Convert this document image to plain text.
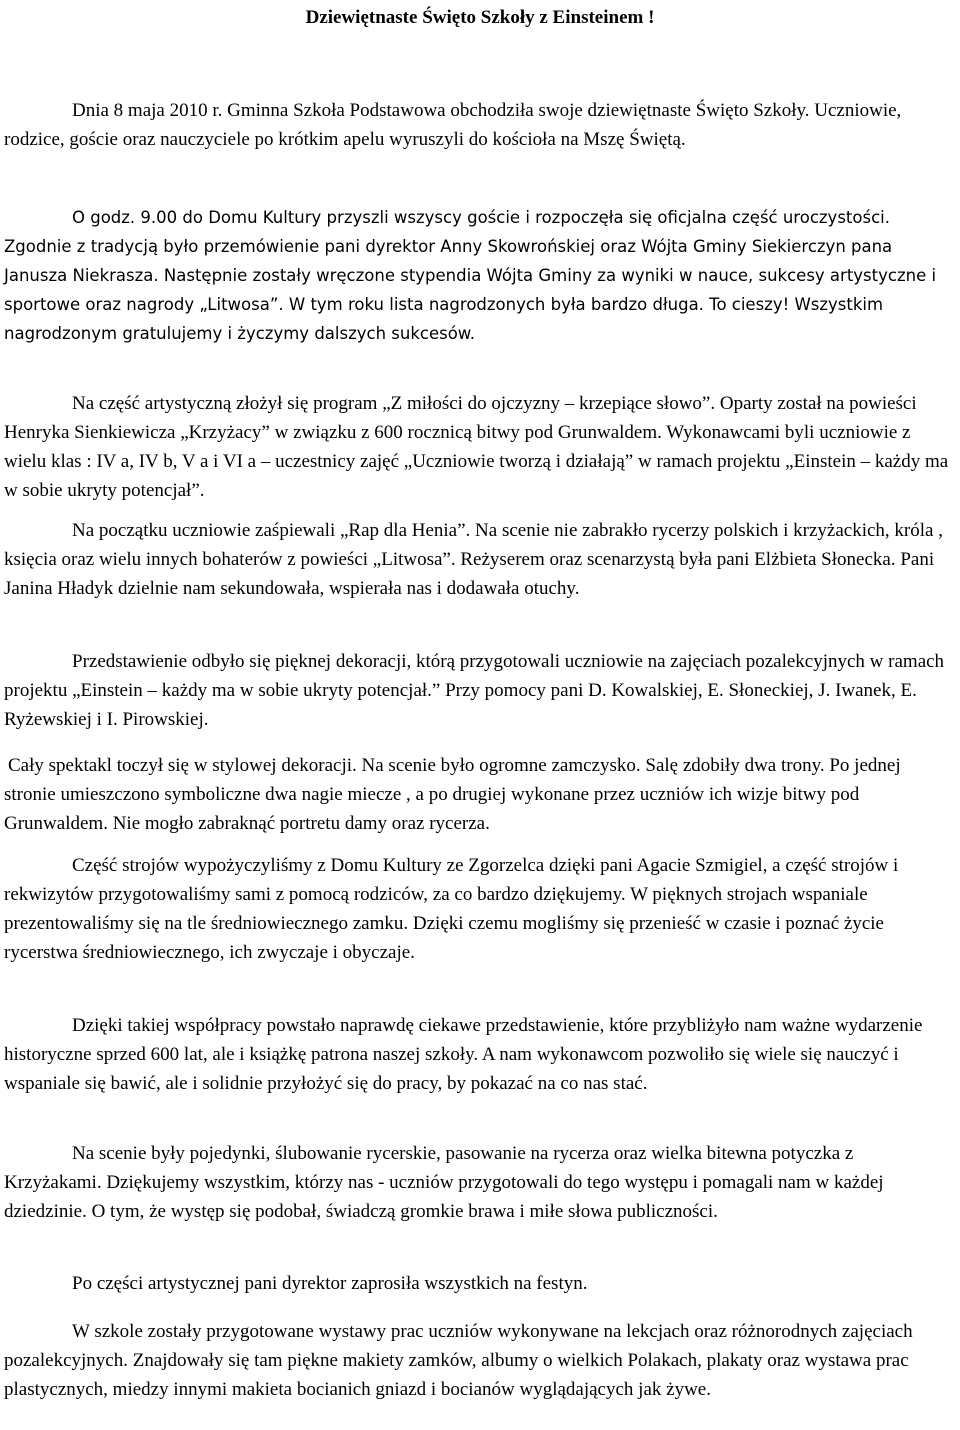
Dziewiętnaste Święto Szkoły z Einsteinem !

Dnia 8 maja 2010 r. Gminna Szkoła Podstawowa obchodziła swoje dziewiętnaste Święto Szkoły. Uczniowie, rodzice, goście oraz nauczyciele po krótkim apelu wyruszyli do kościoła na Mszę Świętą.

O godz. 9.00 do Domu Kultury przyszli wszyscy goście i rozpoczęła się oficjalna część uroczystości. Zgodnie z tradycją było przemówienie pani dyrektor Anny Skowrońskiej oraz Wójta Gminy Siekierczyn pana Janusza Niekrasza. Następnie zostały wręczone stypendia Wójta Gminy za wyniki w nauce, sukcesy artystyczne i sportowe oraz nagrody „Litwosa”. W tym roku lista nagrodzonych była bardzo długa. To cieszy! Wszystkim nagrodzonym gratulujemy i życzymy dalszych sukcesów.

Na część artystyczną złożył się program „Z miłości do ojczyzny – krzepiące słowo”. Oparty został na powieści Henryka Sienkiewicza „Krzyżacy” w związku z 600 rocznicą bitwy pod Grunwaldem. Wykonawcami byli uczniowie z wielu klas : IV a, IV b, V a i VI a – uczestnicy zajęć „Uczniowie tworzą i działają” w ramach projektu „Einstein – każdy ma w sobie ukryty potencjał”.

Na początku uczniowie zaśpiewali „Rap dla Henia”. Na scenie nie zabrakło rycerzy polskich i krzyżackich, króla , księcia oraz wielu innych bohaterów z powieści „Litwosa”. Reżyserem oraz scenarzystą była pani Elżbieta Słonecka. Pani Janina Hładyk dzielnie nam sekundowała, wspierała nas i dodawała otuchy.

Przedstawienie odbyło się pięknej dekoracji, którą przygotowali uczniowie na zajęciach pozalekcyjnych w ramach projektu „Einstein – każdy ma w sobie ukryty potencjał.” Przy pomocy pani D. Kowalskiej, E. Słoneckiej, J. Iwanek, E. Ryżewskiej i I. Pirowskiej.

Cały spektakl toczył się w stylowej dekoracji. Na scenie było ogromne zamczysko. Salę zdobiły dwa trony. Po jednej stronie umieszczono symboliczne dwa nagie miecze , a po drugiej wykonane przez uczniów ich wizje bitwy pod Grunwaldem. Nie mogło zabraknąć portretu damy oraz rycerza.

Część strojów wypożyczyliśmy z Domu Kultury ze Zgorzelca dzięki pani Agacie Szmigiel, a część strojów i rekwizytów przygotowaliśmy sami z pomocą rodziców, za co bardzo dziękujemy. W pięknych strojach wspaniale prezentowaliśmy się na tle średniowiecznego zamku. Dzięki czemu mogliśmy się przenieść w czasie i poznać życie rycerstwa średniowiecznego, ich zwyczaje i obyczaje.

Dzięki takiej współpracy powstało naprawdę ciekawe przedstawienie, które przybliżyło nam ważne wydarzenie historyczne sprzed 600 lat, ale i książkę patrona naszej szkoły. A nam wykonawcom pozwoliło się wiele się nauczyć i wspaniale się bawić, ale i solidnie przyłożyć się do pracy, by pokazać na co nas stać.

Na scenie były pojedynki, ślubowanie rycerskie, pasowanie na rycerza oraz wielka bitewna potyczka z Krzyżakami. Dziękujemy wszystkim, którzy nas - uczniów przygotowali do tego występu i pomagali nam w każdej dziedzinie. O tym, że występ się podobał, świadczą gromkie brawa i miłe słowa publiczności.

Po części artystycznej pani dyrektor zaprosiła wszystkich na festyn.

W szkole zostały przygotowane wystawy prac uczniów wykonywane na lekcjach oraz różnorodnych zajęciach pozalekcyjnych. Znajdowały się tam piękne makiety zamków, albumy o wielkich Polakach, plakaty oraz wystawa prac plastycznych, miedzy innymi makieta bocianich gniazd i bocianów wyglądających jak żywe.
